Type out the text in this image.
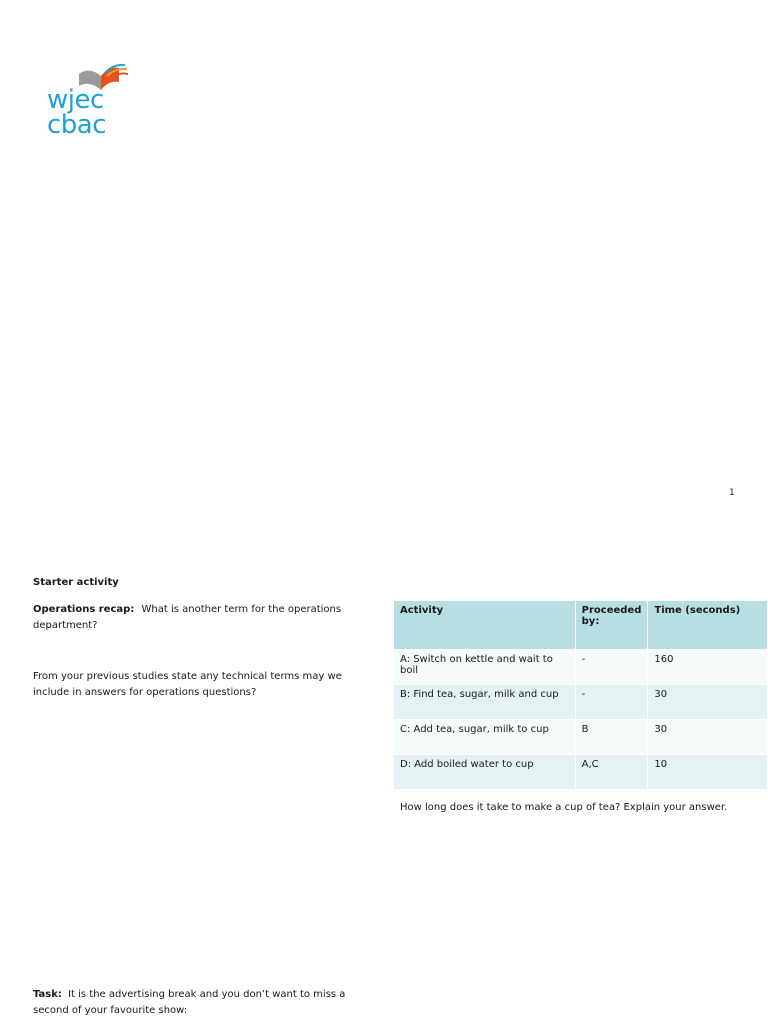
wjec
cbac
1
Starter activity
Operations recap: What is another term for the operations department?
From your previous studies state any technical terms may we include in answers for operations questions?
Activity	Proceeded by:	Time (seconds)
A: Switch on kettle and wait to boil	-	160
B: Find tea, sugar, milk and cup	-	30
C: Add tea, sugar, milk to cup	B	30
D: Add boiled water to cup	A,C	10
How long does it take to make a cup of tea? Explain your answer.
Task: It is the advertising break and you don’t want to miss a second of your favourite show:
